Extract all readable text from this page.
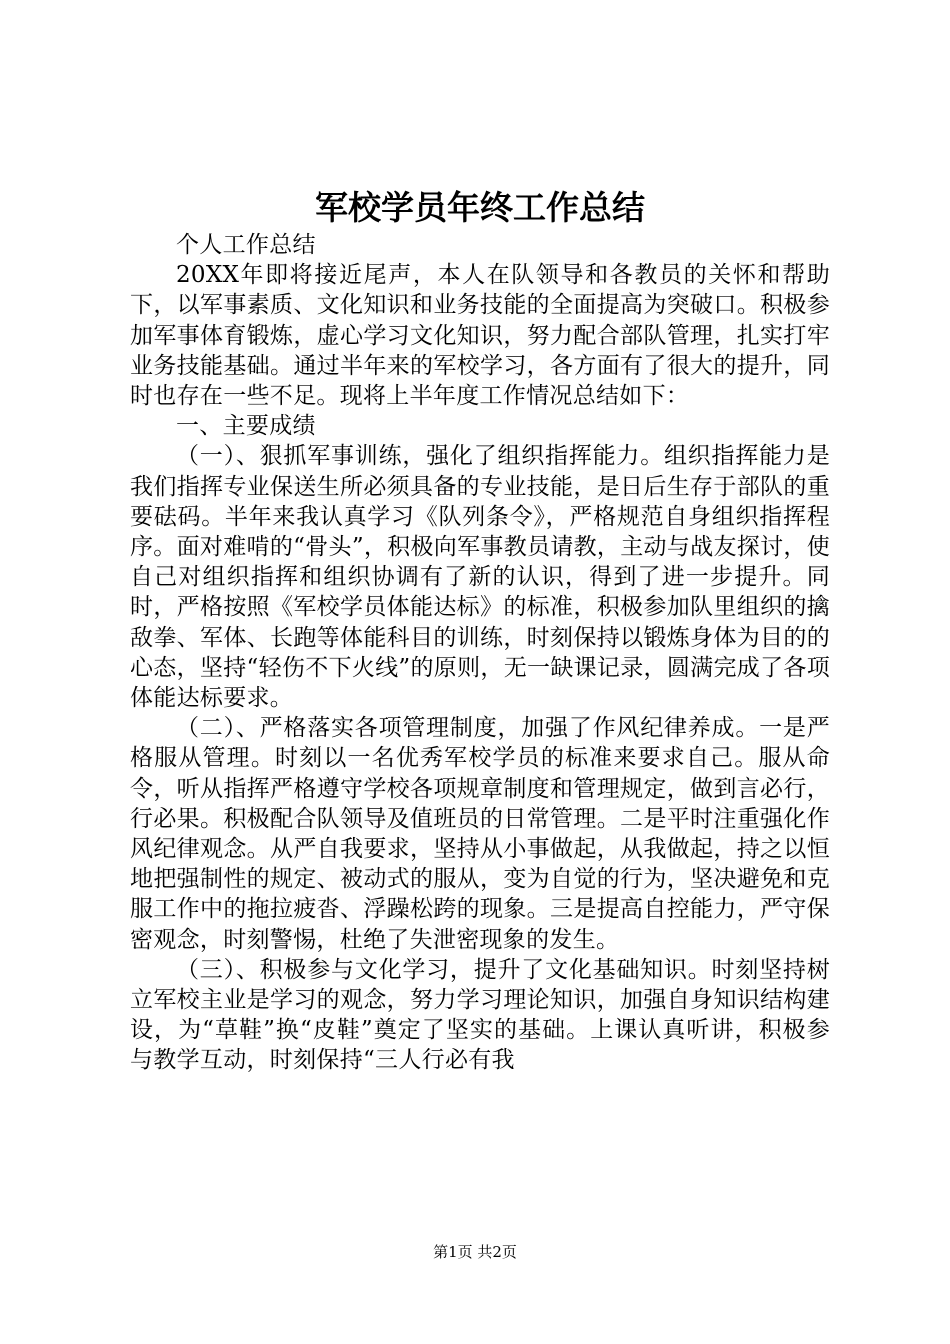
军校学员年终工作总结

个人工作总结

20XX年即将接近尾声，本人在队领导和各教员的关怀和帮助下，以军事素质、文化知识和业务技能的全面提高为突破口。积极参加军事体育锻炼，虚心学习文化知识，努力配合部队管理，扎实打牢业务技能基础。通过半年来的军校学习，各方面有了很大的提升，同时也存在一些不足。现将上半年度工作情况总结如下：

一、主要成绩

（一）、狠抓军事训练，强化了组织指挥能力。组织指挥能力是我们指挥专业保送生所必须具备的专业技能，是日后生存于部队的重要砝码。半年来我认真学习《队列条令》，严格规范自身组织指挥程序。面对难啃的“骨头”，积极向军事教员请教，主动与战友探讨，使自己对组织指挥和组织协调有了新的认识，得到了进一步提升。同时，严格按照《军校学员体能达标》的标准，积极参加队里组织的擒敌拳、军体、长跑等体能科目的训练，时刻保持以锻炼身体为目的的心态，坚持“轻伤不下火线”的原则，无一缺课记录，圆满完成了各项体能达标要求。

（二）、严格落实各项管理制度，加强了作风纪律养成。一是严格服从管理。时刻以一名优秀军校学员的标准来要求自己。服从命令，听从指挥严格遵守学校各项规章制度和管理规定，做到言必行，行必果。积极配合队领导及值班员的日常管理。二是平时注重强化作风纪律观念。从严自我要求，坚持从小事做起，从我做起，持之以恒地把强制性的规定、被动式的服从，变为自觉的行为，坚决避免和克服工作中的拖拉疲沓、浮躁松跨的现象。三是提高自控能力，严守保密观念，时刻警惕，杜绝了失泄密现象的发生。

（三）、积极参与文化学习，提升了文化基础知识。时刻坚持树立军校主业是学习的观念，努力学习理论知识，加强自身知识结构建设，为“草鞋”换“皮鞋”奠定了坚实的基础。上课认真听讲，积极参与教学互动，时刻保持“三人行必有我

第1页 共2页
